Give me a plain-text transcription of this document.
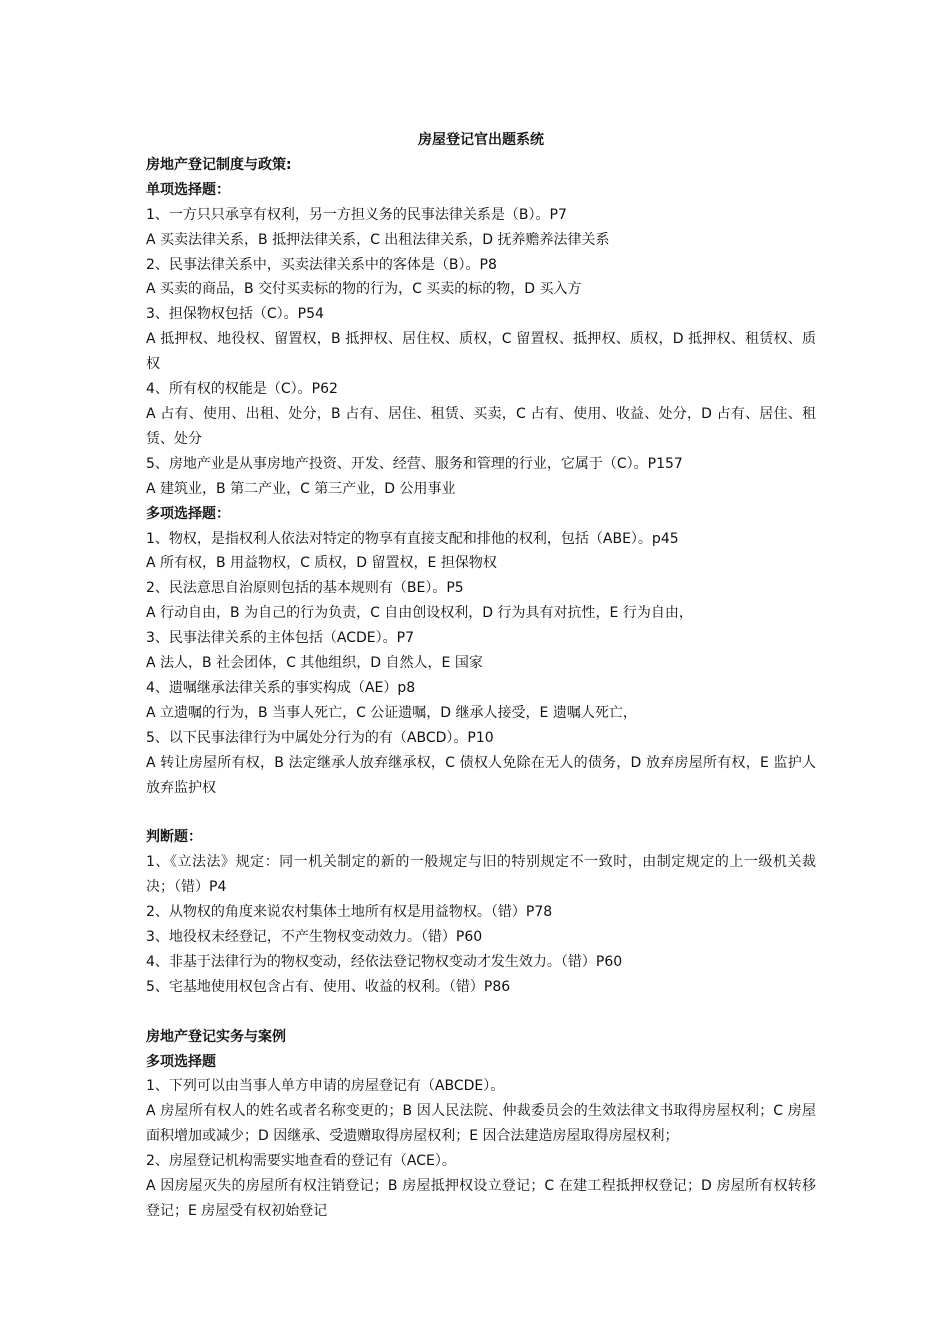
房屋登记官出题系统

房地产登记制度与政策:

单项选择题：

1、一方只只承享有权利，另一方担义务的民事法律关系是（B）。P7

A 买卖法律关系，B 抵押法律关系，C 出租法律关系，D 抚养赡养法律关系

2、民事法律关系中，买卖法律关系中的客体是（B）。P8

A 买卖的商品，B 交付买卖标的物的行为，C 买卖的标的物，D 买入方

3、担保物权包括（C）。P54

A 抵押权、地役权、留置权，B 抵押权、居住权、质权，C 留置权、抵押权、质权，D 抵押权、租赁权、质权

4、所有权的权能是（C）。P62

A 占有、使用、出租、处分，B 占有、居住、租赁、买卖，C 占有、使用、收益、处分，D 占有、居住、租赁、处分

5、房地产业是从事房地产投资、开发、经营、服务和管理的行业，它属于（C）。P157

A 建筑业，B 第二产业，C 第三产业，D 公用事业

多项选择题：

1、物权，是指权利人依法对特定的物享有直接支配和排他的权利，包括（ABE）。p45

A 所有权，B 用益物权，C 质权，D 留置权，E 担保物权

2、民法意思自治原则包括的基本规则有（BE）。P5

A 行动自由，B 为自己的行为负责，C 自由创设权利，D 行为具有对抗性，E 行为自由，

3、民事法律关系的主体包括（ACDE）。P7

A 法人，B 社会团体，C 其他组织，D 自然人，E 国家

4、遗嘱继承法律关系的事实构成（AE）p8

A 立遗嘱的行为，B 当事人死亡，C 公证遗嘱，D 继承人接受，E 遗嘱人死亡，

5、以下民事法律行为中属处分行为的有（ABCD）。P10

A 转让房屋所有权，B 法定继承人放弃继承权，C 债权人免除在无人的债务，D 放弃房屋所有权，E 监护人放弃监护权

判断题：

1、《立法法》规定：同一机关制定的新的一般规定与旧的特别规定不一致时，由制定规定的上一级机关裁决；（错）P4

2、从物权的角度来说农村集体土地所有权是用益物权。（错）P78

3、地役权未经登记，不产生物权变动效力。（错）P60

4、非基于法律行为的物权变动，经依法登记物权变动才发生效力。（错）P60

5、宅基地使用权包含占有、使用、收益的权利。（错）P86

房地产登记实务与案例

多项选择题

1、下列可以由当事人单方申请的房屋登记有（ABCDE）。

A 房屋所有权人的姓名或者名称变更的；B 因人民法院、仲裁委员会的生效法律文书取得房屋权利；C 房屋面积增加或减少；D 因继承、受遗赠取得房屋权利；E 因合法建造房屋取得房屋权利；

2、房屋登记机构需要实地查看的登记有（ACE）。

A 因房屋灭失的房屋所有权注销登记；B 房屋抵押权设立登记；C 在建工程抵押权登记；D 房屋所有权转移登记；E 房屋受有权初始登记
